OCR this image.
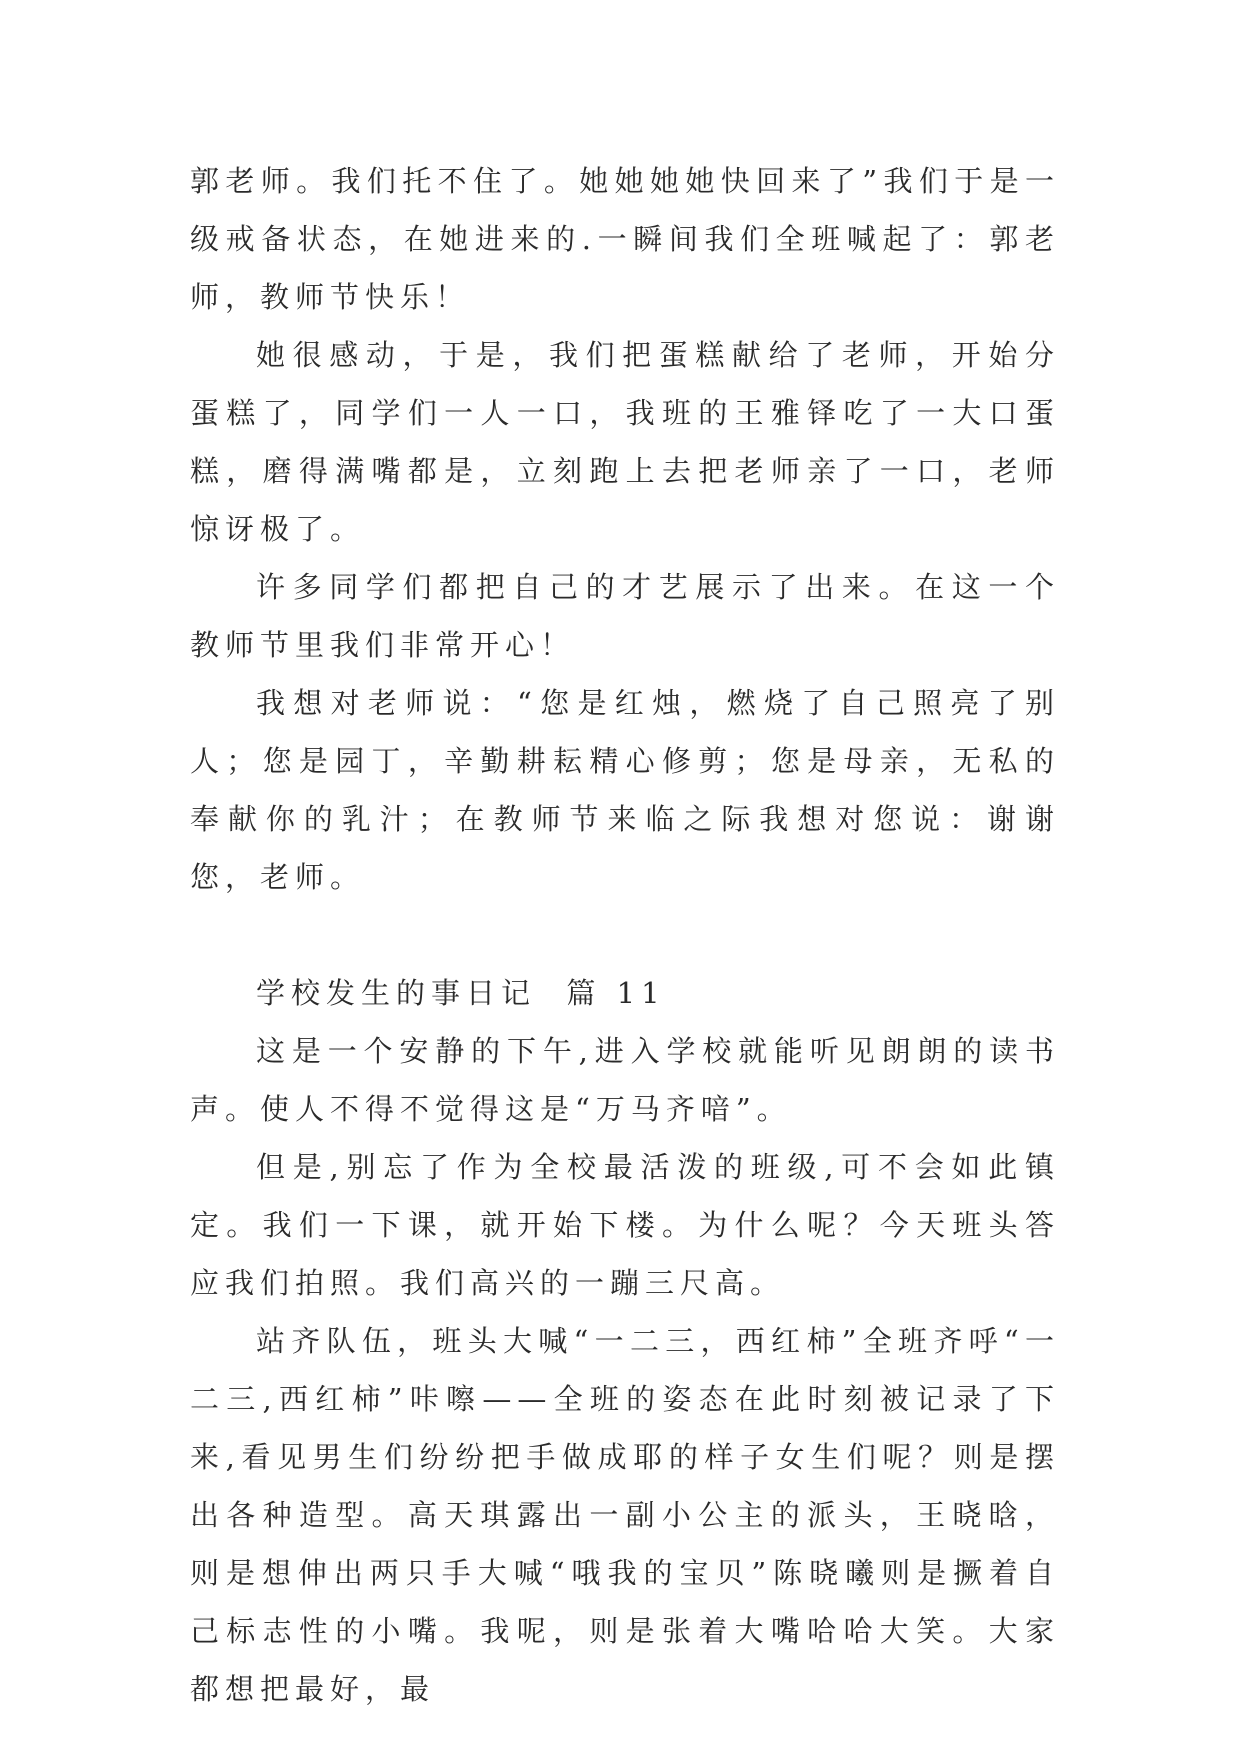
郭老师。我们托不住了。她她她她快回来了”我们于是一级戒备状态，在她进来的.一瞬间我们全班喊起了：郭老师，教师节快乐！

她很感动，于是，我们把蛋糕献给了老师，开始分蛋糕了，同学们一人一口，我班的王雅铎吃了一大口蛋糕，磨得满嘴都是，立刻跑上去把老师亲了一口，老师惊讶极了。

许多同学们都把自己的才艺展示了出来。在这一个教师节里我们非常开心！

我想对老师说：“您是红烛，燃烧了自己照亮了别人；您是园丁，辛勤耕耘精心修剪；您是母亲，无私的奉献你的乳汁；在教师节来临之际我想对您说：谢谢您，老师。

学校发生的事日记  篇 11

这是一个安静的下午,进入学校就能听见朗朗的读书声。使人不得不觉得这是“万马齐喑”。

但是,别忘了作为全校最活泼的班级,可不会如此镇定。我们一下课，就开始下楼。为什么呢？今天班头答应我们拍照。我们高兴的一蹦三尺高。

站齐队伍，班头大喊“一二三，西红柿”全班齐呼“一二三,西红柿”咔嚓——全班的姿态在此时刻被记录了下来,看见男生们纷纷把手做成耶的样子女生们呢？则是摆出各种造型。高天琪露出一副小公主的派头，王晓晗，则是想伸出两只手大喊“哦我的宝贝”陈晓曦则是撅着自己标志性的小嘴。我呢，则是张着大嘴哈哈大笑。大家都想把最好，最
